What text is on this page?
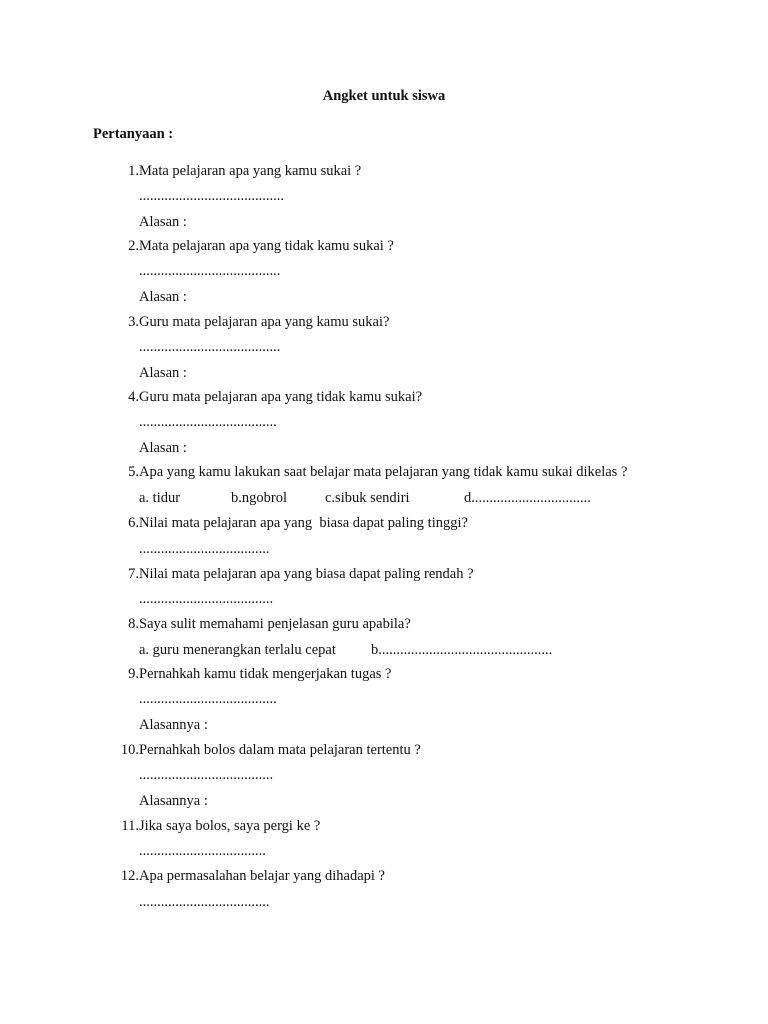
Angket untuk siswa
Pertanyaan :
1. Mata pelajaran apa yang kamu sukai ?
........................................
Alasan :
2. Mata pelajaran apa yang tidak kamu sukai ?
.......................................
Alasan :
3. Guru mata pelajaran apa yang kamu sukai?
.......................................
Alasan :
4. Guru mata pelajaran apa yang tidak kamu sukai?
......................................
Alasan :
5. Apa yang kamu lakukan saat belajar mata pelajaran yang tidak kamu sukai dikelas ?
a. tidur	b.ngobrol	c.sibuk sendiri	d.................................
6. Nilai mata pelajaran apa yang  biasa dapat paling tinggi?
....................................
7. Nilai mata pelajaran apa yang biasa dapat paling rendah ?
.....................................
8. Saya sulit memahami penjelasan guru apabila?
a. guru menerangkan terlalu cepat b................................................
9. Pernahkah kamu tidak mengerjakan tugas ?
......................................
Alasannya :
10. Pernahkah bolos dalam mata pelajaran tertentu ?
.....................................
Alasannya :
11. Jika saya bolos, saya pergi ke ?
...................................
12. Apa permasalahan belajar yang dihadapi ?
....................................
